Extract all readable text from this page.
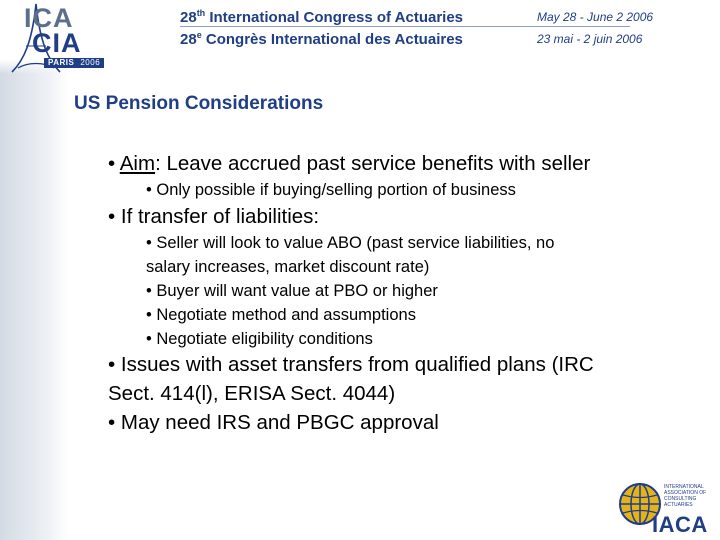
ICA
CIA
PARIS 2006
28th International Congress of Actuaries
28e Congrès International des Actuaires
May 28 - June 2 2006
23 mai - 2 juin 2006
US Pension Considerations
• Aim: Leave accrued past service benefits with seller
• Only possible if buying/selling portion of business
• If transfer of liabilities:
• Seller will look to value ABO (past service liabilities, no
salary increases, market discount rate)
• Buyer will want value at PBO or higher
• Negotiate method and assumptions
• Negotiate eligibility conditions
• Issues with asset transfers from qualified plans (IRC
Sect. 414(l), ERISA Sect. 4044)
• May need IRS and PBGC approval
INTERNATIONAL ASSOCIATION OF CONSULTING ACTUARIES
IACA
